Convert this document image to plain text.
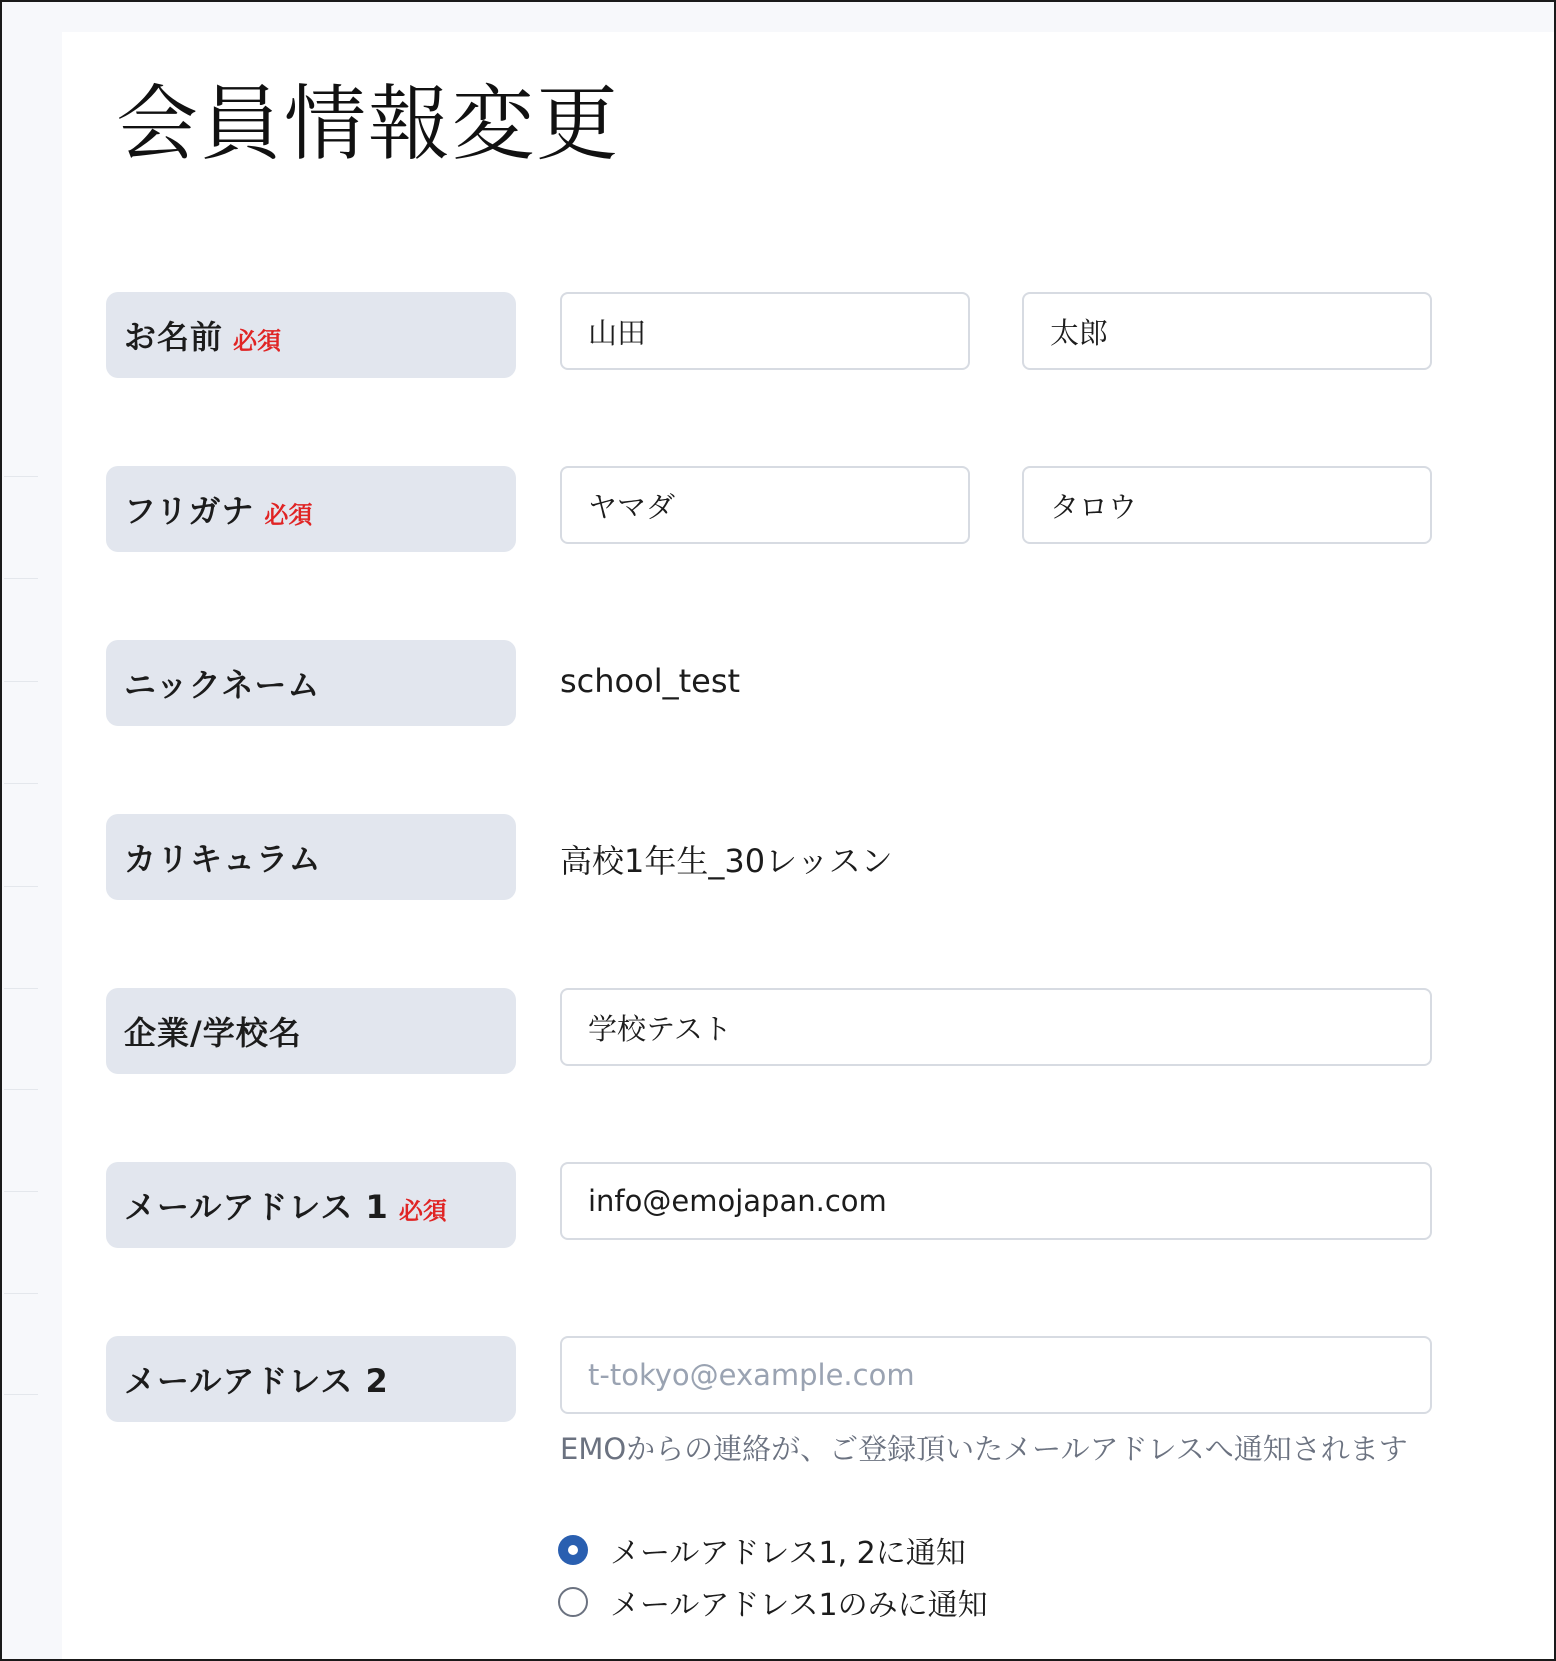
会員情報変更
お名前 必須
山田
太郎
フリガナ 必須
ヤマダ
タロウ
ニックネーム	school_test
カリキュラム	高校1年生_30レッスン
企業/学校名
学校テスト
メールアドレス 1 必須
info@emojapan.com
メールアドレス 2
t-tokyo@example.com
EMOからの連絡が、ご登録頂いたメールアドレスへ通知されます
メールアドレス1, 2に通知
メールアドレス1のみに通知
